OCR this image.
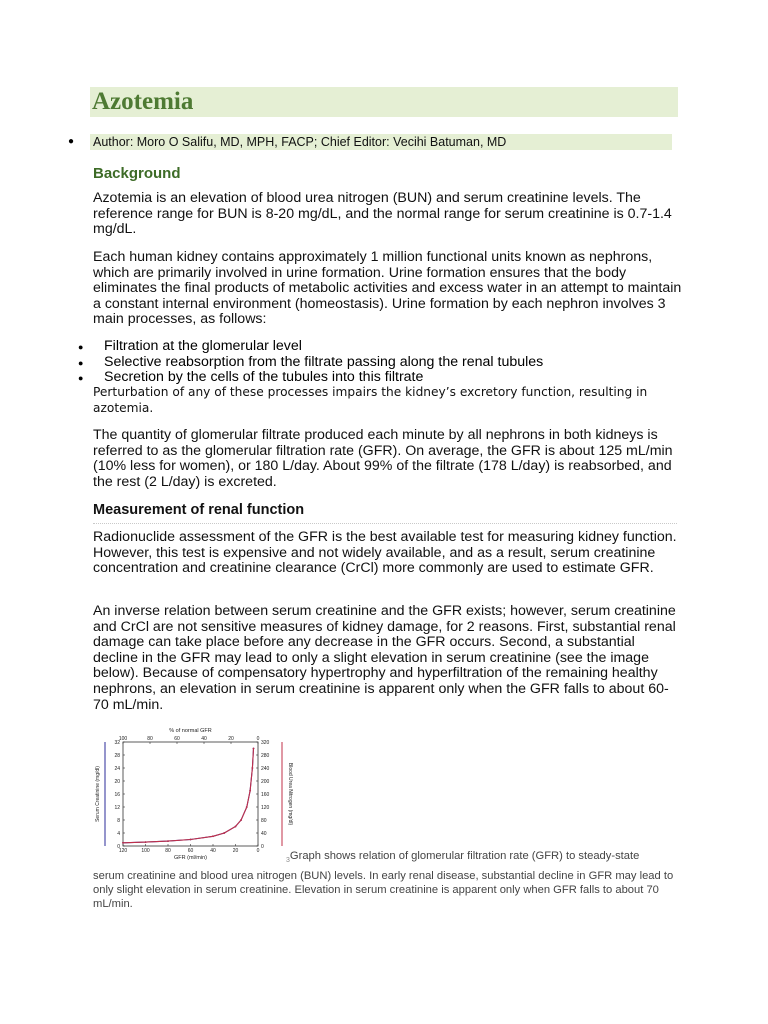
Azotemia
● Author: Moro O Salifu, MD, MPH, FACP; Chief Editor: Vecihi Batuman, MD
Background

Azotemia is an elevation of blood urea nitrogen (BUN) and serum creatinine levels. The reference range for BUN is 8-20 mg/dL, and the normal range for serum creatinine is 0.7-1.4 mg/dL.

Each human kidney contains approximately 1 million functional units known as nephrons, which are primarily involved in urine formation. Urine formation ensures that the body eliminates the final products of metabolic activities and excess water in an attempt to maintain a constant internal environment (homeostasis). Urine formation by each nephron involves 3 main processes, as follows:

● Filtration at the glomerular level
● Selective reabsorption from the filtrate passing along the renal tubules
● Secretion by the cells of the tubules into this filtrate

Perturbation of any of these processes impairs the kidney’s excretory function, resulting in azotemia.

The quantity of glomerular filtrate produced each minute by all nephrons in both kidneys is referred to as the glomerular filtration rate (GFR). On average, the GFR is about 125 mL/min (10% less for women), or 180 L/day. About 99% of the filtrate (178 L/day) is reabsorbed, and the rest (2 L/day) is excreted.

Measurement of renal function

Radionuclide assessment of the GFR is the best available test for measuring kidney function. However, this test is expensive and not widely available, and as a result, serum creatinine concentration and creatinine clearance (CrCl) more commonly are used to estimate GFR.

An inverse relation between serum creatinine and the GFR exists; however, serum creatinine and CrCl are not sensitive measures of kidney damage, for 2 reasons. First, substantial renal damage can take place before any decrease in the GFR occurs. Second, a substantial decline in the GFR may lead to only a slight elevation in serum creatinine (see the image below). Because of compensatory hypertrophy and hyperfiltration of the remaining healthy nephrons, an elevation in serum creatinine is apparent only when the GFR falls to about 60-70 mL/min.

% of normal GFR
GFR (ml/min)
Serum Creatinine (mg/dl)	Blood Urea Nitrogen (mg/dl)
120	100	80	60	40	20	0
100	80	60	40	20	0
0
4
8
12
16
20
24
28
32
0
40
80
120
160
200
240
280
320
$_3$Graph shows relation of glomerular filtration rate (GFR) to steady-state
serum creatinine and blood urea nitrogen (BUN) levels. In early renal disease, substantial decline in GFR may lead to only slight elevation in serum creatinine. Elevation in serum creatinine is apparent only when GFR falls to about 70 mL/min.
